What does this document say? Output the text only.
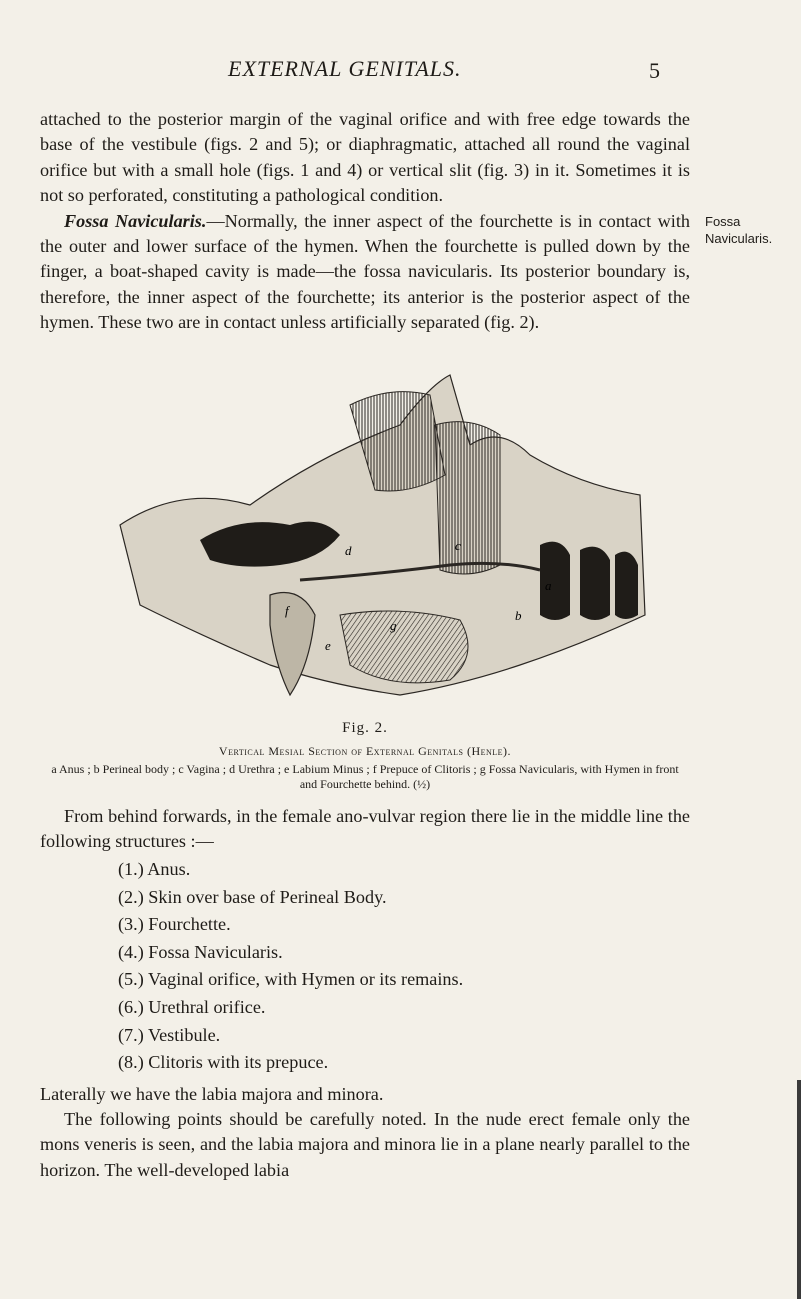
EXTERNAL GENITALS.	5

attached to the posterior margin of the vaginal orifice and with free edge towards the base of the vestibule (figs. 2 and 5); or diaphragmatic, attached all round the vaginal orifice but with a small hole (figs. 1 and 4) or vertical slit (fig. 3) in it. Sometimes it is not so perforated, constituting a pathological condition.

Fossa Navicularis.—Normally, the inner aspect of the fourchette is in contact with the outer and lower surface of the hymen. When the fourchette is pulled down by the finger, a boat-shaped cavity is made—the fossa navicularis. Its posterior boundary is, therefore, the inner aspect of the fourchette; its anterior is the posterior aspect of the hymen. These two are in contact unless artificially separated (fig. 2).

Fossa
Navicularis.
a
b
c
d
e
f
g
Fig. 2.
Vertical Mesial Section of External Genitals (Henle).
a Anus ; b Perineal body ; c Vagina ; d Urethra ; e Labium Minus ; f Prepuce of Clitoris ; g Fossa Navicularis, with Hymen in front and Fourchette behind. (½)

From behind forwards, in the female ano-vulvar region there lie in the middle line the following structures :—

(1.) Anus.
(2.) Skin over base of Perineal Body.
(3.) Fourchette.
(4.) Fossa Navicularis.
(5.) Vaginal orifice, with Hymen or its remains.
(6.) Urethral orifice.
(7.) Vestibule.
(8.) Clitoris with its prepuce.

Laterally we have the labia majora and minora.

The following points should be carefully noted. In the nude erect female only the mons veneris is seen, and the labia majora and minora lie in a plane nearly parallel to the horizon. The well-developed labia
